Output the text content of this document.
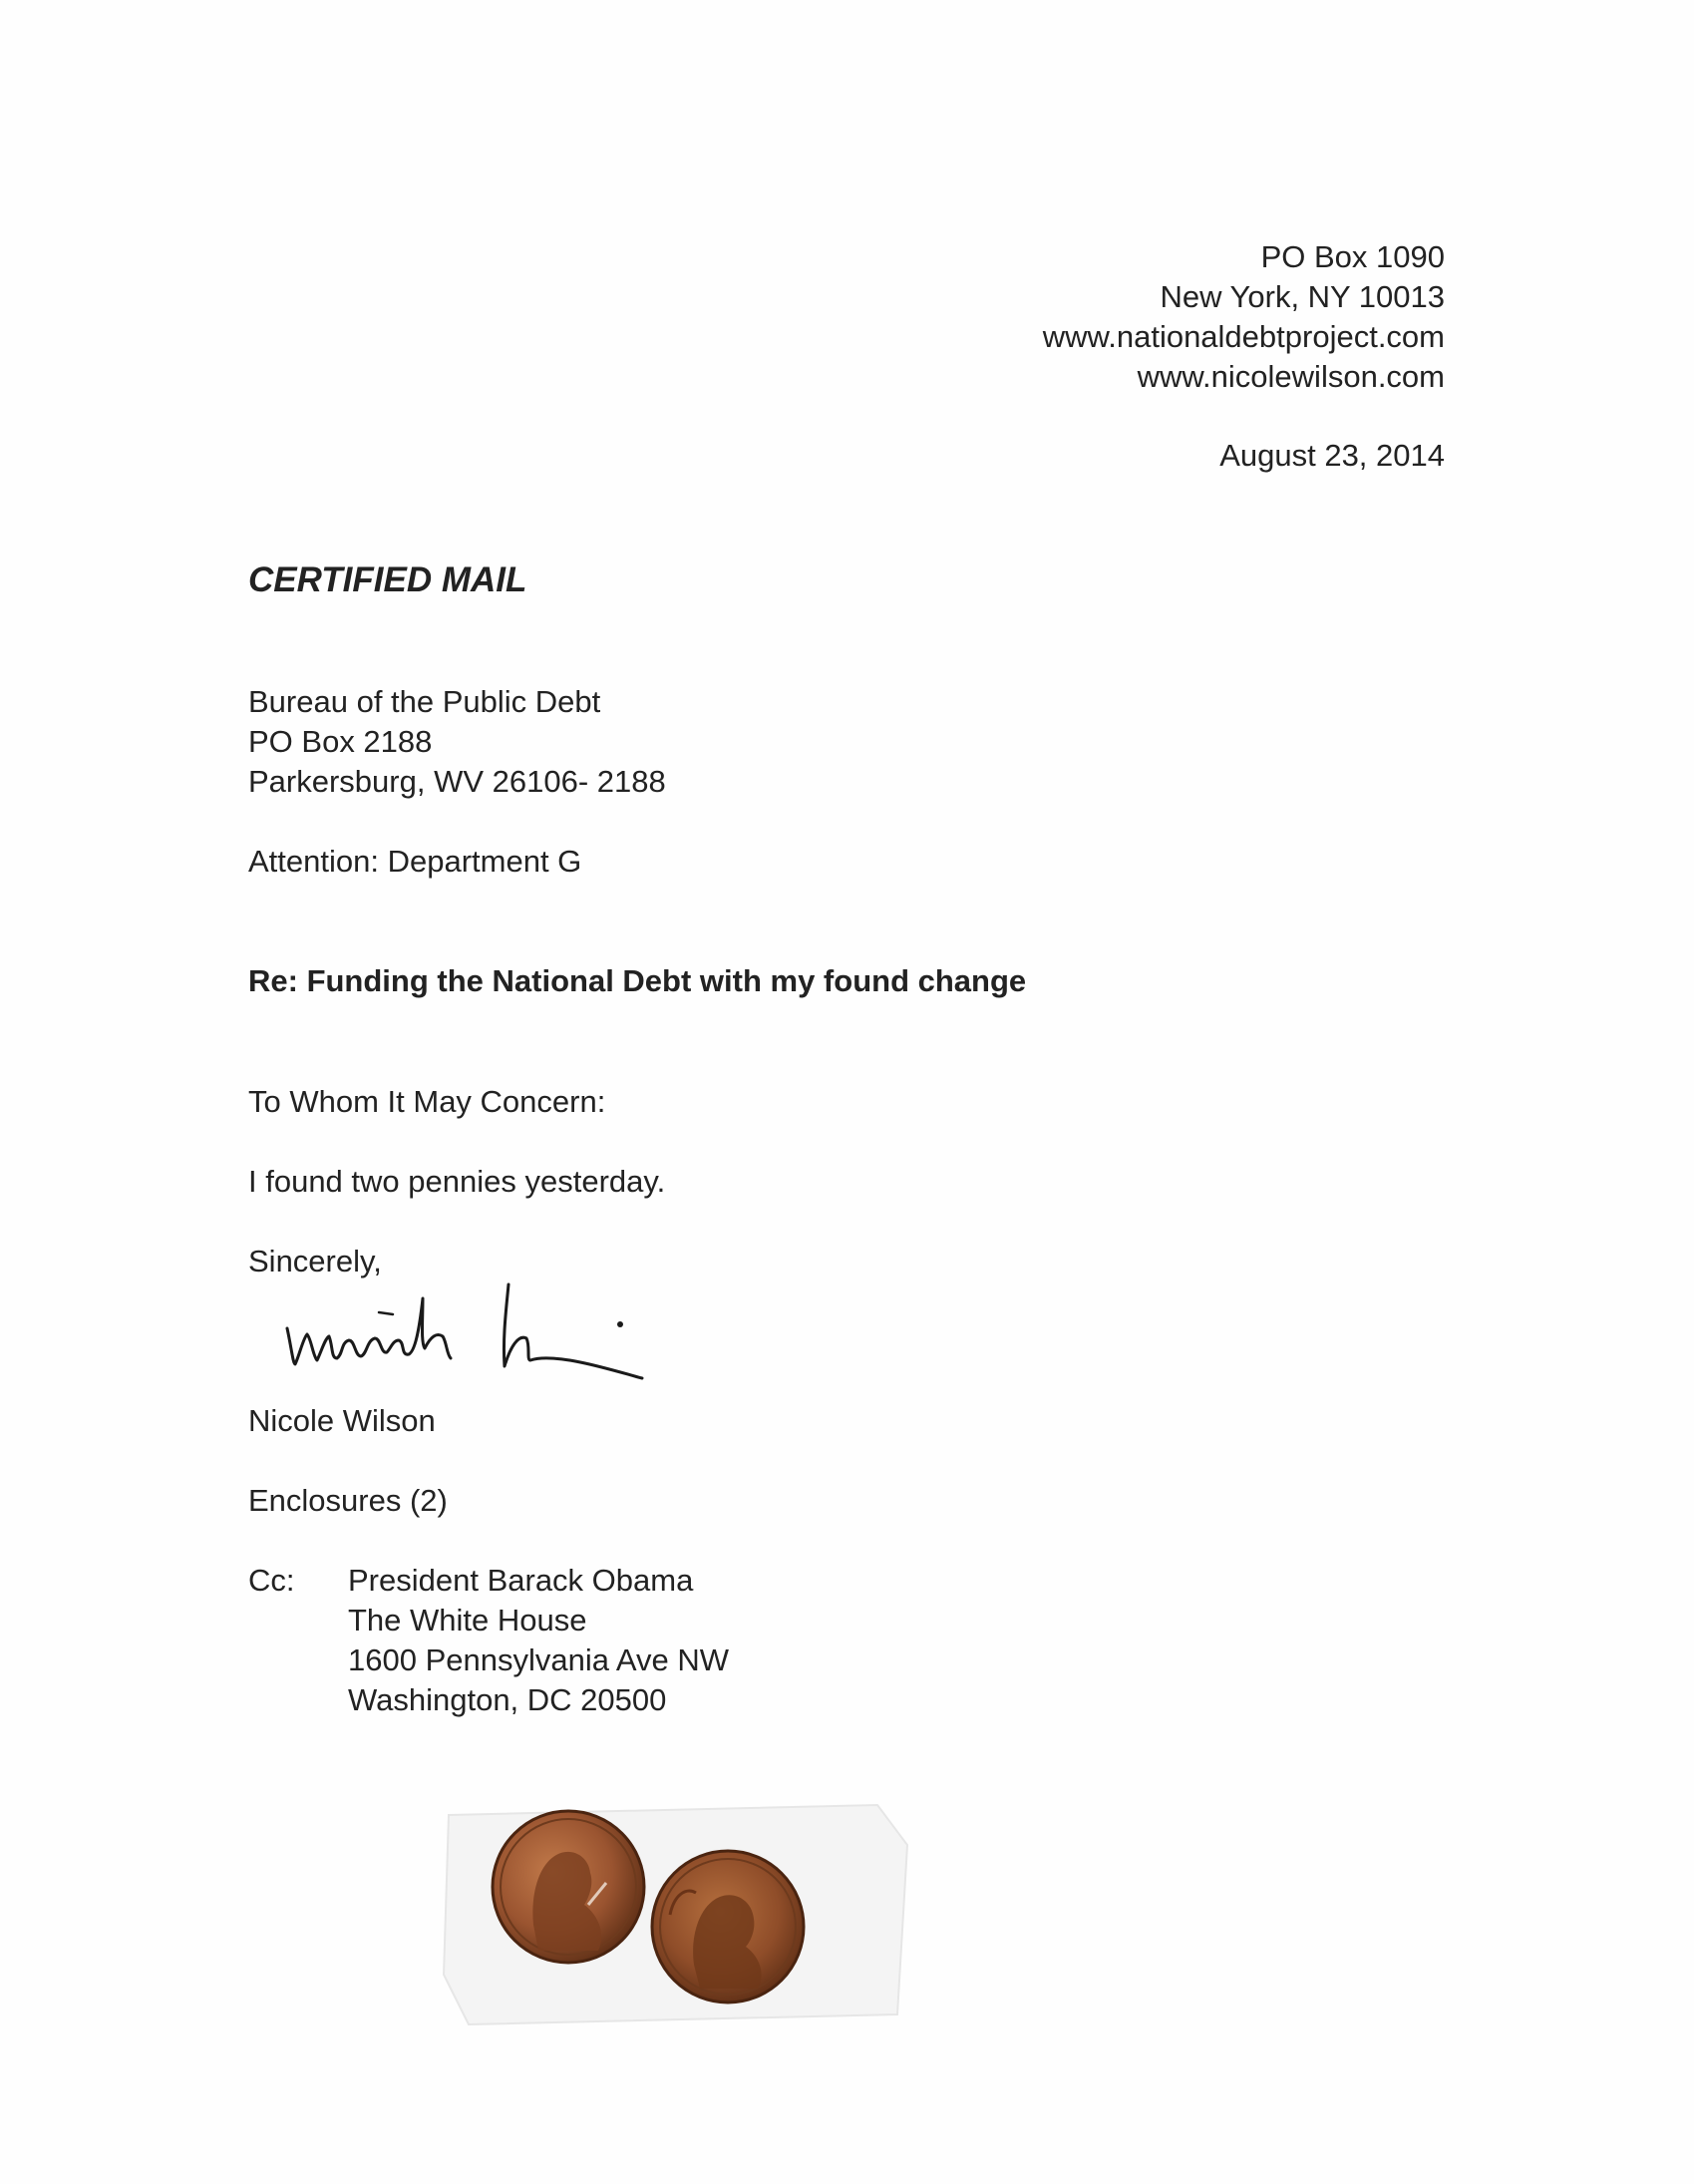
PO Box 1090
New York, NY 10013
www.nationaldebtproject.com
www.nicolewilson.com
August 23, 2014
CERTIFIED MAIL
Bureau of the Public Debt
PO Box 2188
Parkersburg, WV 26106- 2188
Attention: Department G
Re: Funding the National Debt with my found change
To Whom It May Concern:
I found two pennies yesterday.
Sincerely,
Nicole Wilson
Enclosures (2)
Cc: President Barack Obama
The White House
1600 Pennsylvania Ave NW
Washington, DC 20500
